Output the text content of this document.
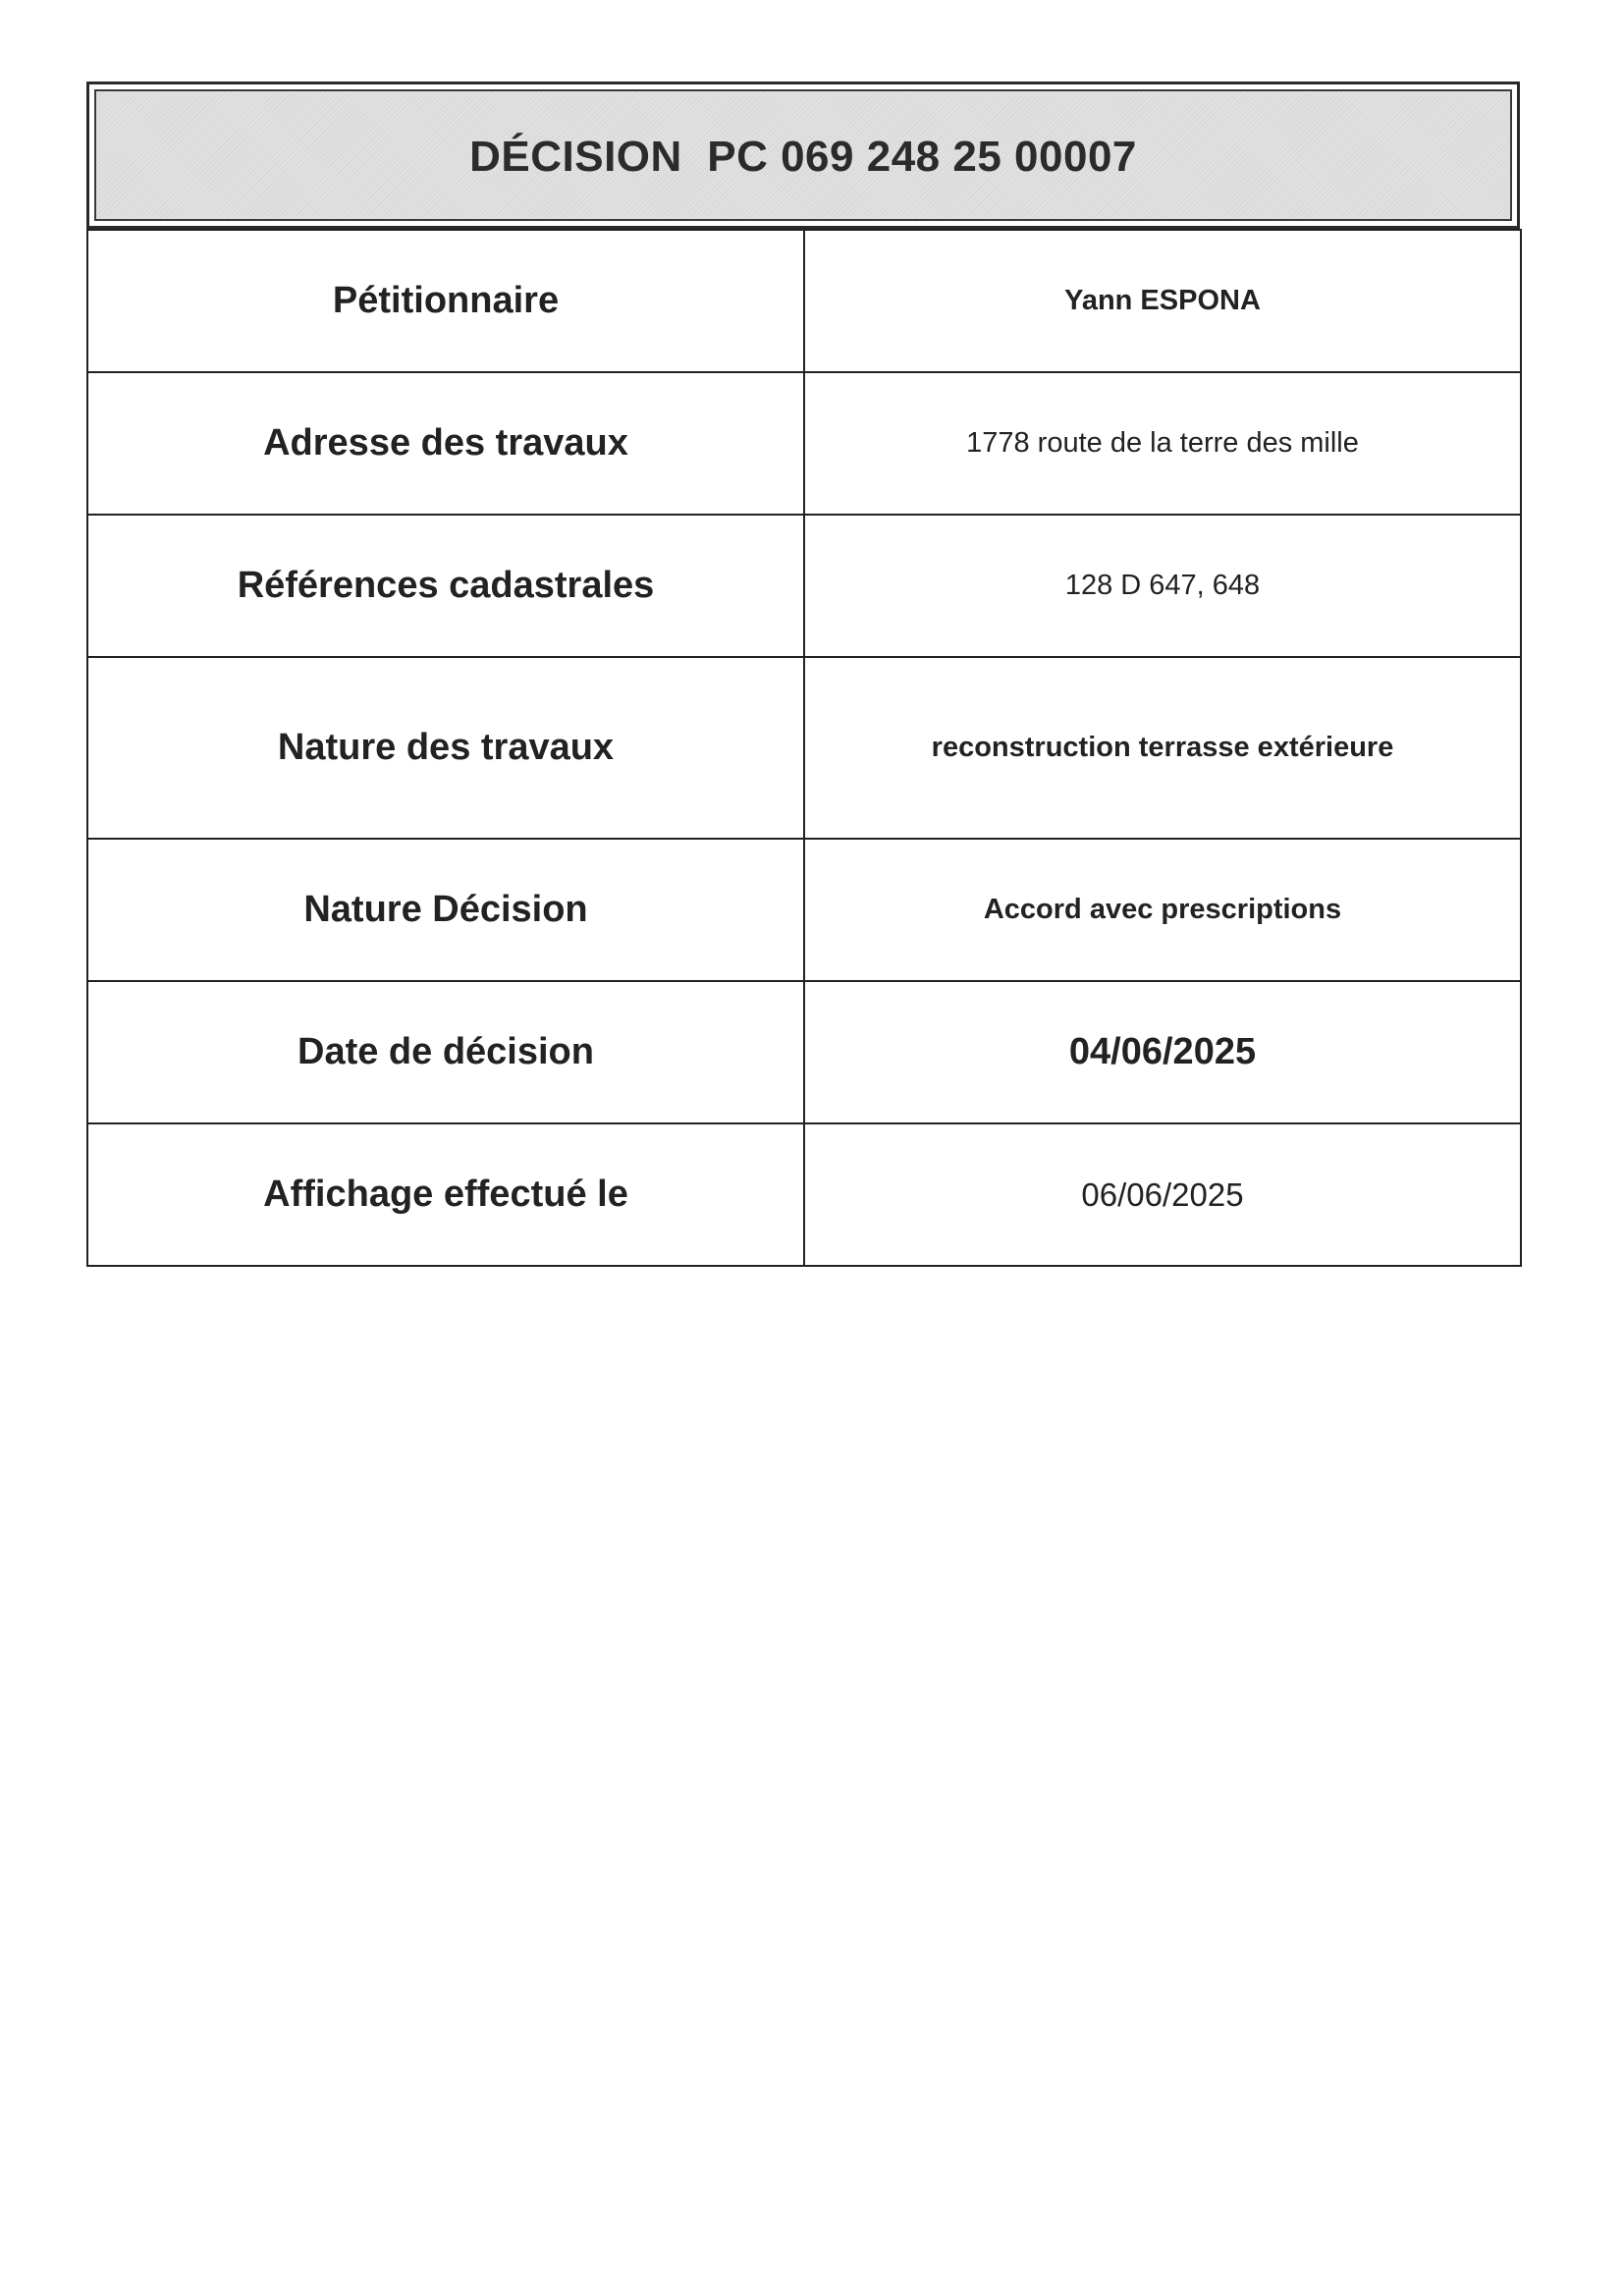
DÉCISION  PC 069 248 25 00007
Pétitionnaire	Yann ESPONA
Adresse des travaux	1778 route de la terre des mille
Références cadastrales	128 D 647, 648
Nature des travaux	reconstruction terrasse extérieure
Nature Décision	Accord avec prescriptions
Date de décision	04/06/2025
Affichage effectué le	06/06/2025
